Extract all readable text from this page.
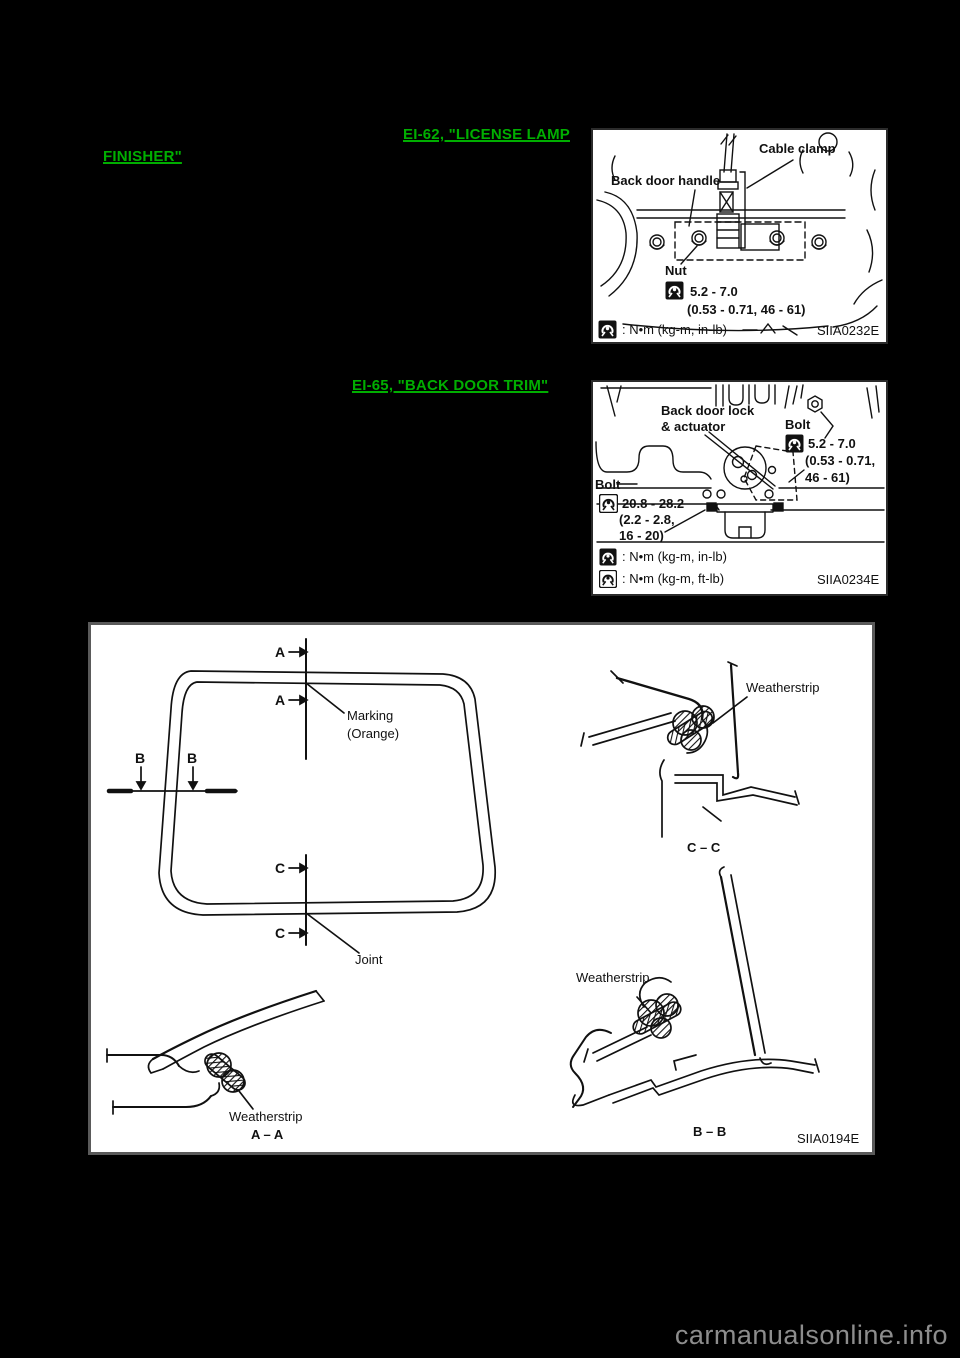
EI-62, "LICENSE LAMP
FINISHER"
EI-65, "BACK DOOR TRIM"
Cable clamp
Back door handle
Nut
5.2 - 7.0
(0.53 - 0.71, 46 - 61)
: N•m (kg-m, in-lb)	SIIA0232E
Back door lock
& actuator	Bolt
5.2 - 7.0
(0.53 - 0.71,
46 - 61)
Bolt
20.8 - 28.2
(2.2 - 2.8,
16 - 20)
: N•m (kg-m, in-lb)
: N•m (kg-m, ft-lb)	SIIA0234E
A
A
B	B
C
C
Marking
(Orange)
Joint
Weatherstrip
Weatherstrip
Weatherstrip
C – C
A – A	B – B	SIIA0194E
carmanualsonline.info
